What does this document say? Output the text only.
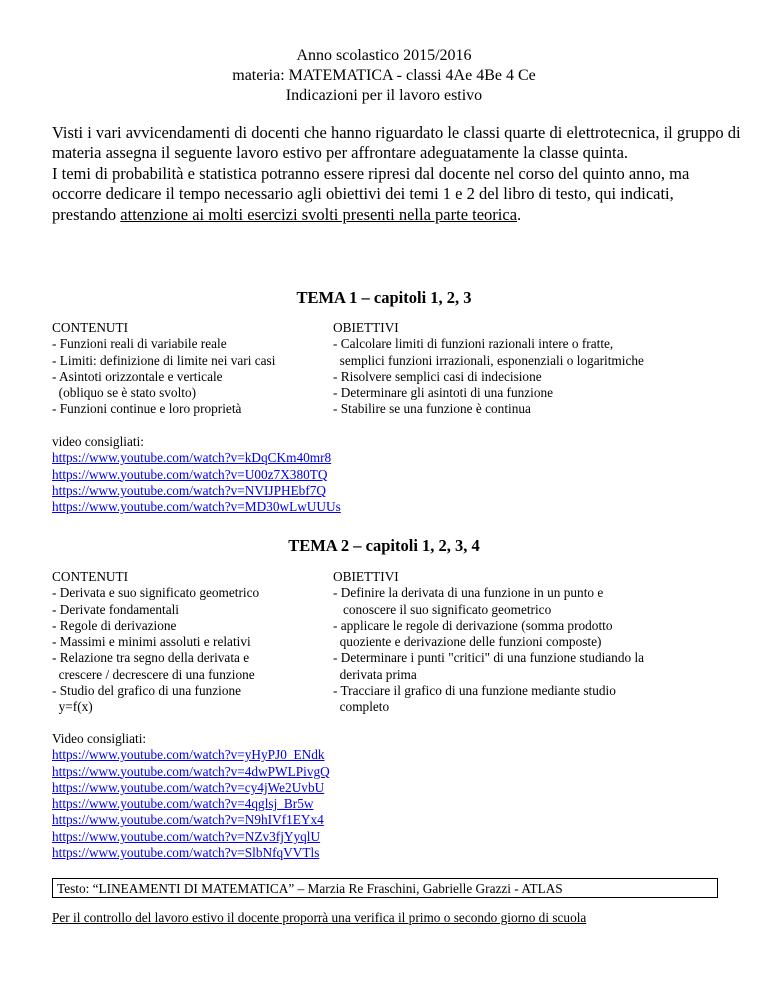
Anno scolastico 2015/2016
materia: MATEMATICA - classi 4Ae 4Be 4 Ce
Indicazioni per il lavoro estivo
Visti i vari avvicendamenti di docenti che hanno riguardato le classi quarte di elettrotecnica, il gruppo di materia assegna il seguente lavoro estivo per affrontare adeguatamente la classe quinta.
I temi di probabilità e statistica potranno essere ripresi dal docente nel corso del quinto anno, ma occorre dedicare il tempo necessario agli obiettivi dei temi 1 e 2 del libro di testo, qui indicati, prestando attenzione ai molti esercizi svolti presenti nella parte teorica.
TEMA 1 – capitoli 1, 2, 3
CONTENUTI
- Funzioni reali di variabile reale
- Limiti: definizione di limite nei vari casi
- Asintoti orizzontale e verticale
(obliquo se è stato svolto)
- Funzioni continue e loro proprietà
OBIETTIVI
- Calcolare limiti di funzioni razionali intere o fratte,
semplici funzioni irrazionali, esponenziali o logaritmiche
- Risolvere semplici casi di indecisione
- Determinare gli asintoti di una funzione
- Stabilire se una funzione è continua
video consigliati:
https://www.youtube.com/watch?v=kDqCKm40mr8
https://www.youtube.com/watch?v=U00z7X380TQ
https://www.youtube.com/watch?v=NVIJPHEbf7Q
https://www.youtube.com/watch?v=MD30wLwUUUs
TEMA 2 – capitoli 1, 2, 3, 4
CONTENUTI
- Derivata e suo significato geometrico
- Derivate fondamentali
- Regole di derivazione
- Massimi e minimi assoluti e relativi
- Relazione tra segno della derivata e
crescere / decrescere di una funzione
- Studio del grafico di una funzione
y=f(x)
OBIETTIVI
- Definire la derivata di una funzione in un punto e
conoscere il suo significato geometrico
- applicare le regole di derivazione (somma prodotto
quoziente e derivazione delle funzioni composte)
- Determinare i punti "critici" di una funzione studiando la
derivata prima
- Tracciare il grafico di una funzione mediante studio
completo
Video consigliati:
https://www.youtube.com/watch?v=yHyPJ0_ENdk
https://www.youtube.com/watch?v=4dwPWLPivgQ
https://www.youtube.com/watch?v=cy4jWe2UvbU
https://www.youtube.com/watch?v=4qglsj_Br5w
https://www.youtube.com/watch?v=N9hIVf1EYx4
https://www.youtube.com/watch?v=NZv3fjYyqlU
https://www.youtube.com/watch?v=SlbNfqVVTls
Testo: “LINEAMENTI DI MATEMATICA” – Marzia Re Fraschini, Gabrielle Grazzi - ATLAS
Per il controllo del lavoro estivo il docente proporrà una verifica il primo o secondo giorno di scuola
